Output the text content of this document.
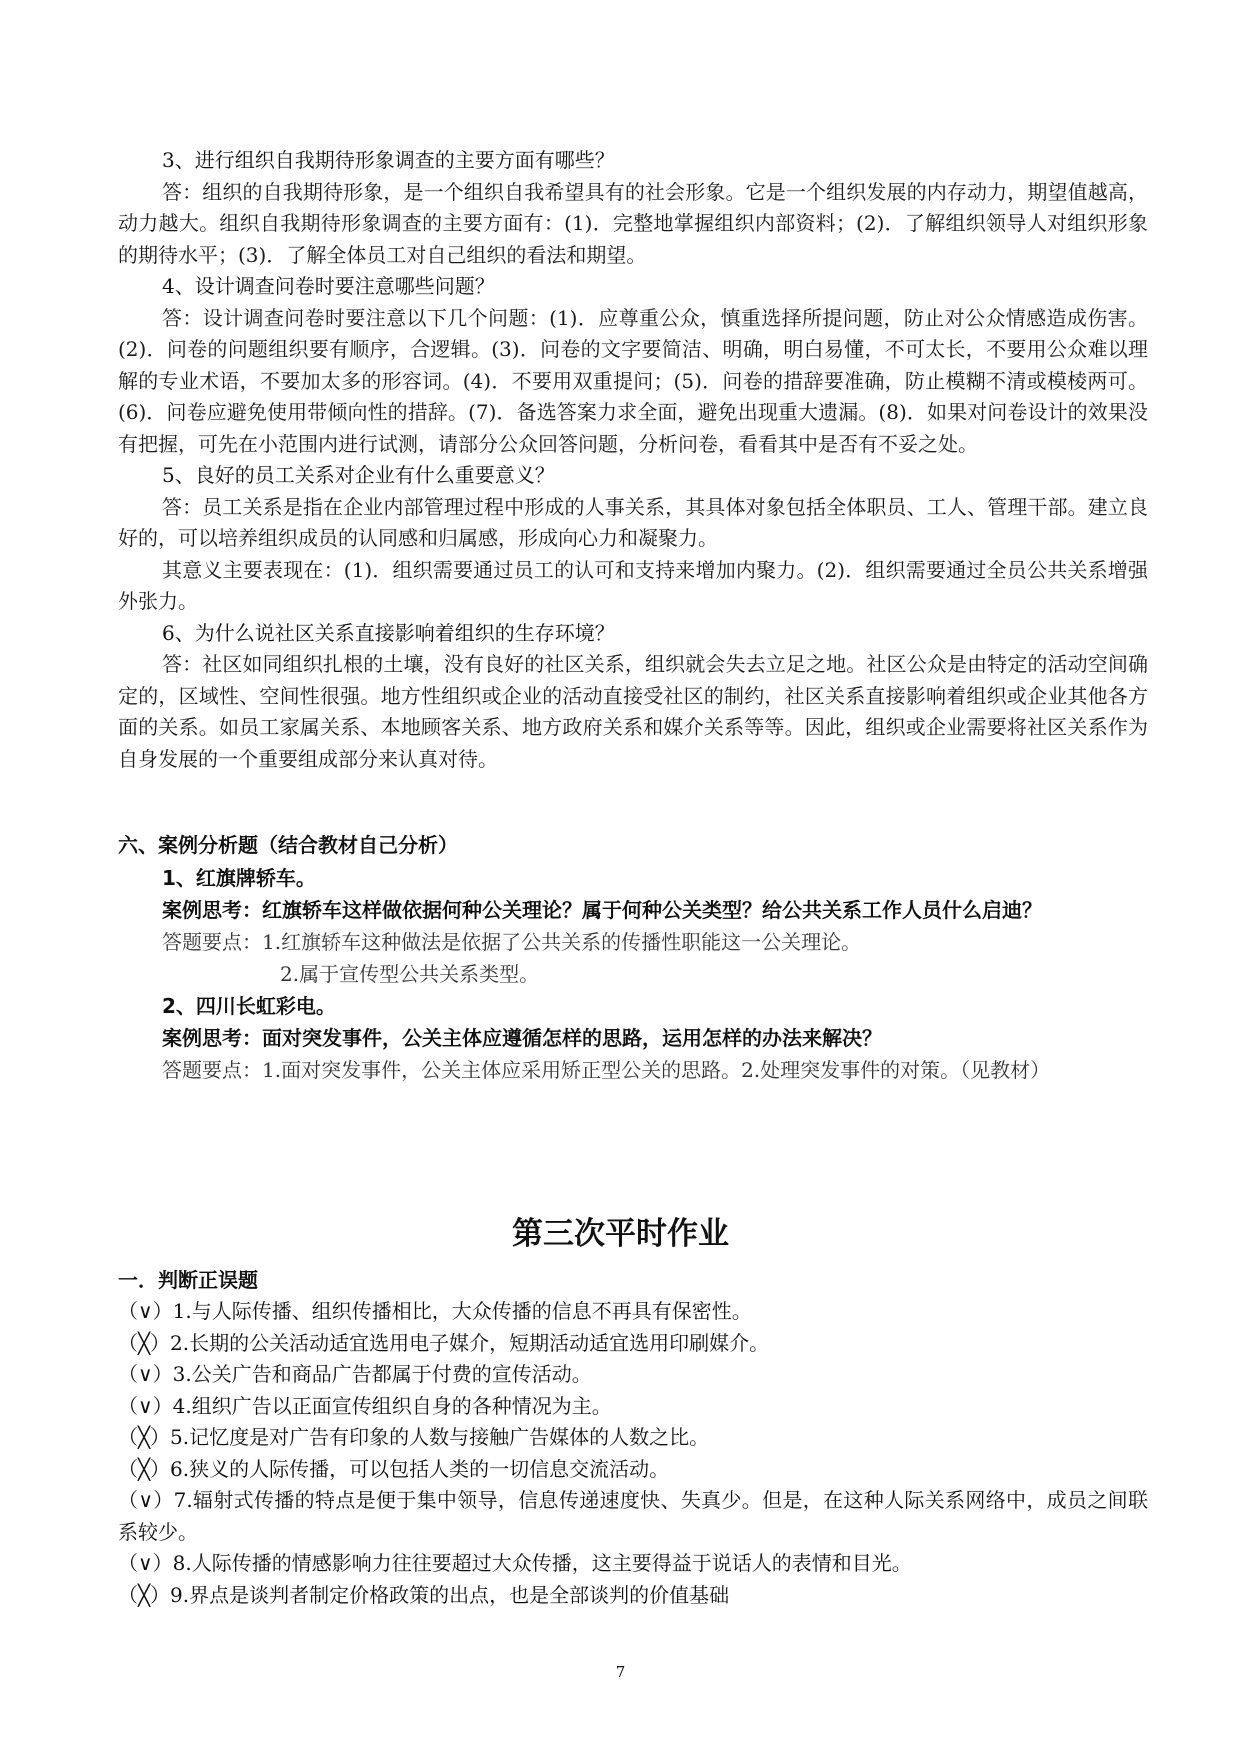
3、进行组织自我期待形象调查的主要方面有哪些？

答：组织的自我期待形象，是一个组织自我希望具有的社会形象。它是一个组织发展的内存动力，期望值越高，动力越大。组织自我期待形象调查的主要方面有：(1)．完整地掌握组织内部资料；(2)．了解组织领导人对组织形象的期待水平；(3)．了解全体员工对自己组织的看法和期望。

4、设计调查问卷时要注意哪些问题？

答：设计调查问卷时要注意以下几个问题：(1)．应尊重公众，慎重选择所提问题，防止对公众情感造成伤害。(2)．问卷的问题组织要有顺序，合逻辑。(3)．问卷的文字要简洁、明确，明白易懂，不可太长，不要用公众难以理解的专业术语，不要加太多的形容词。(4)．不要用双重提问；(5)．问卷的措辞要准确，防止模糊不清或模棱两可。(6)．问卷应避免使用带倾向性的措辞。(7)．备选答案力求全面，避免出现重大遗漏。(8)．如果对问卷设计的效果没有把握，可先在小范围内进行试测，请部分公众回答问题，分析问卷，看看其中是否有不妥之处。

5、良好的员工关系对企业有什么重要意义？

答：员工关系是指在企业内部管理过程中形成的人事关系，其具体对象包括全体职员、工人、管理干部。建立良好的，可以培养组织成员的认同感和归属感，形成向心力和凝聚力。

其意义主要表现在：(1)．组织需要通过员工的认可和支持来增加内聚力。(2)．组织需要通过全员公共关系增强外张力。

6、为什么说社区关系直接影响着组织的生存环境？

答：社区如同组织扎根的土壤，没有良好的社区关系，组织就会失去立足之地。社区公众是由特定的活动空间确定的，区域性、空间性很强。地方性组织或企业的活动直接受社区的制约，社区关系直接影响着组织或企业其他各方面的关系。如员工家属关系、本地顾客关系、地方政府关系和媒介关系等等。因此，组织或企业需要将社区关系作为自身发展的一个重要组成部分来认真对待。

六、案例分析题（结合教材自己分析）

1、红旗牌轿车。

案例思考：红旗轿车这样做依据何种公关理论？属于何种公关类型？给公共关系工作人员什么启迪？

答题要点：1.红旗轿车这种做法是依据了公共关系的传播性职能这一公关理论。

2.属于宣传型公共关系类型。

2、四川长虹彩电。

案例思考：面对突发事件，公关主体应遵循怎样的思路，运用怎样的办法来解决？

答题要点：1.面对突发事件，公关主体应采用矫正型公关的思路。2.处理突发事件的对策。（见教材）

第三次平时作业

一．判断正误题

（∨）1.与人际传播、组织传播相比，大众传播的信息不再具有保密性。

（╳）2.长期的公关活动适宜选用电子媒介，短期活动适宜选用印刷媒介。

（∨）3.公关广告和商品广告都属于付费的宣传活动。

（∨）4.组织广告以正面宣传组织自身的各种情况为主。

（╳）5.记忆度是对广告有印象的人数与接触广告媒体的人数之比。

（╳）6.狭义的人际传播，可以包括人类的一切信息交流活动。

（∨）7.辐射式传播的特点是便于集中领导，信息传递速度快、失真少。但是，在这种人际关系网络中，成员之间联系较少。

（∨）8.人际传播的情感影响力往往要超过大众传播，这主要得益于说话人的表情和目光。

（╳）9.界点是谈判者制定价格政策的出点，也是全部谈判的价值基础

7
